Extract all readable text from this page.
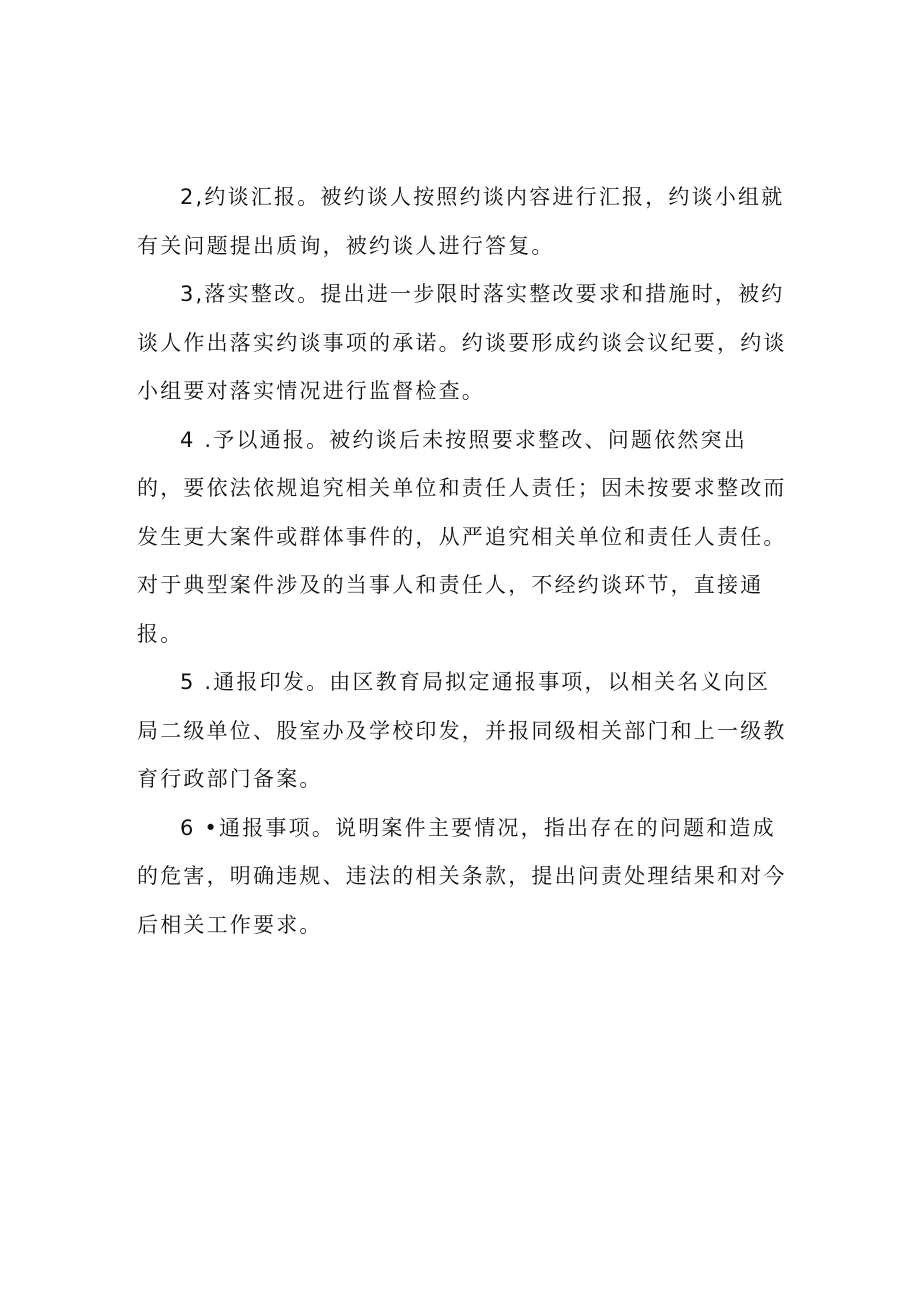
2,约谈汇报。被约谈人按照约谈内容进行汇报，约谈小组就
有关问题提出质询，被约谈人进行答复。
3,落实整改。提出进一步限时落实整改要求和措施时，被约
谈人作出落实约谈事项的承诺。约谈要形成约谈会议纪要，约谈
小组要对落实情况进行监督检查。
4 .予以通报。被约谈后未按照要求整改、问题依然突出
的，要依法依规追究相关单位和责任人责任；因未按要求整改而
发生更大案件或群体事件的，从严追究相关单位和责任人责任。
对于典型案件涉及的当事人和责任人，不经约谈环节，直接通
报。
5 .通报印发。由区教育局拟定通报事项，以相关名义向区
局二级单位、股室办及学校印发，并报同级相关部门和上一级教
育行政部门备案。
6 •通报事项。说明案件主要情况，指出存在的问题和造成
的危害，明确违规、违法的相关条款，提出问责处理结果和对今
后相关工作要求。
